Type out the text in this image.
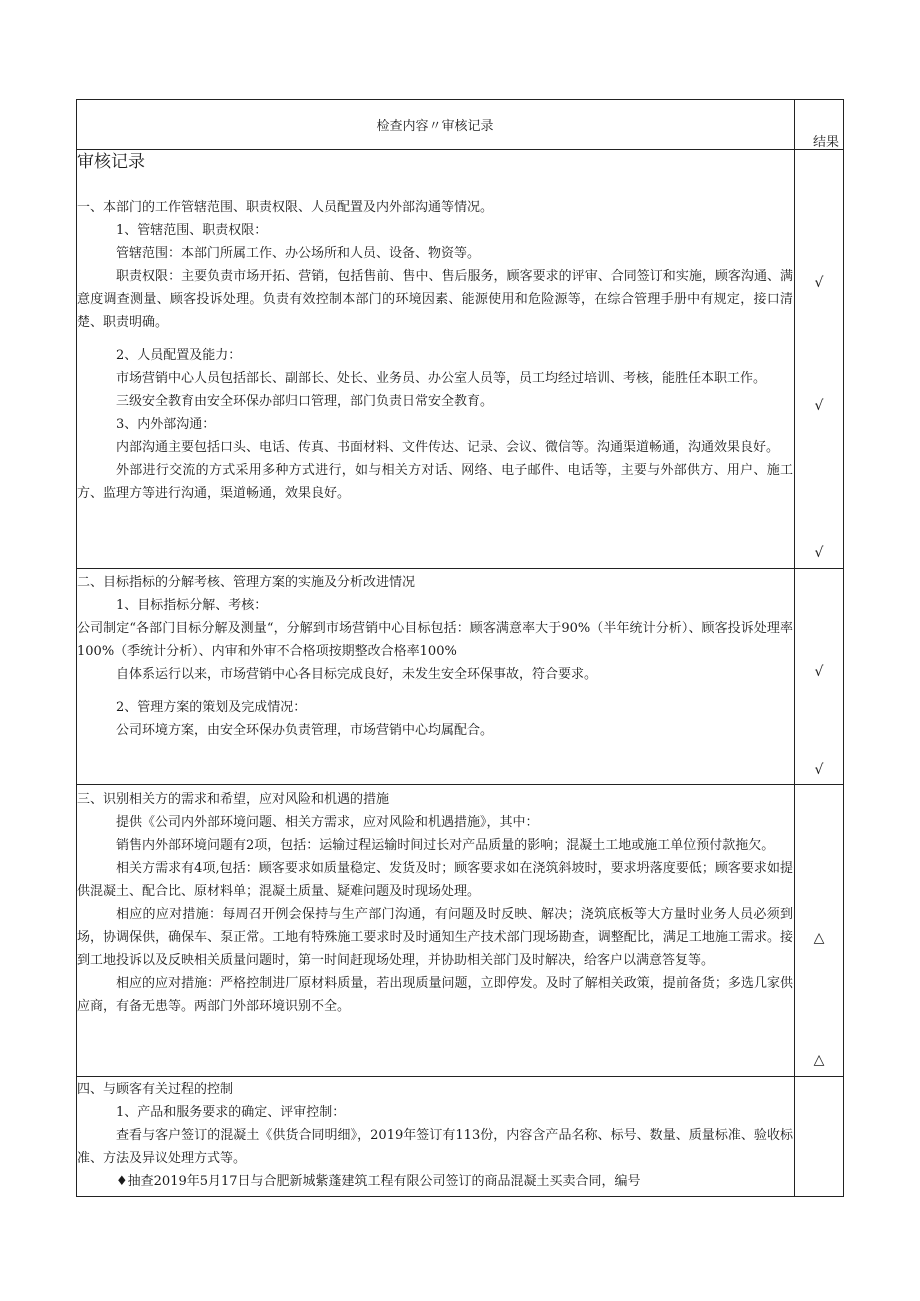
检查内容〃审核记录
结果

审核记录

一、本部门的工作管辖范围、职责权限、人员配置及内外部沟通等情况。

1、管辖范围、职责权限：

管辖范围：本部门所属工作、办公场所和人员、设备、物资等。

职责权限：主要负责市场开拓、营销，包括售前、售中、售后服务，顾客要求的评审、合同签订和实施，顾客沟通、满意度调查测量、顾客投诉处理。负责有效控制本部门的环境因素、能源使用和危险源等，在综合管理手册中有规定，接口清楚、职责明确。

2、人员配置及能力：

市场营销中心人员包括部长、副部长、处长、业务员、办公室人员等，员工均经过培训、考核，能胜任本职工作。

三级安全教育由安全环保办部归口管理，部门负责日常安全教育。

3、内外部沟通：

内部沟通主要包括口头、电话、传真、书面材料、文件传达、记录、会议、微信等。沟通渠道畅通，沟通效果良好。

外部进行交流的方式采用多种方式进行，如与相关方对话、网络、电子邮件、电话等，主要与外部供方、用户、施工方、监理方等进行沟通，渠道畅通，效果良好。

二、目标指标的分解考核、管理方案的实施及分析改进情况

1、目标指标分解、考核：

公司制定“各部门目标分解及测量“，分解到市场营销中心目标包括：顾客满意率大于90%（半年统计分析）、顾客投诉处理率100%（季统计分析）、内审和外审不合格项按期整改合格率100%

自体系运行以来，市场营销中心各目标完成良好，未发生安全环保事故，符合要求。

2、管理方案的策划及完成情况：

公司环境方案，由安全环保办负责管理，市场营销中心均属配合。

三、识别相关方的需求和希望，应对风险和机遇的措施

提供《公司内外部环境问题、相关方需求，应对风险和机遇措施》，其中：

销售内外部环境问题有2项，包括：运输过程运输时间过长对产品质量的影响；混凝土工地或施工单位预付款拖欠。

相关方需求有4项,包括：顾客要求如质量稳定、发货及时；顾客要求如在浇筑斜坡时，要求坍落度要低；顾客要求如提供混凝土、配合比、原材料单；混凝土质量、疑难问题及时现场处理。

相应的应对措施：每周召开例会保持与生产部门沟通，有问题及时反映、解决；浇筑底板等大方量时业务人员必须到场，协调保供，确保车、泵正常。工地有特殊施工要求时及时通知生产技术部门现场勘查，调整配比，满足工地施工需求。接到工地投诉以及反映相关质量问题时，第一时间赶现场处理，并协助相关部门及时解决，给客户以满意答复等。

相应的应对措施：严格控制进厂原材料质量，若出现质量问题，立即停发。及时了解相关政策，提前备货；多选几家供应商，有备无患等。两部门外部环境识别不全。

四、与顾客有关过程的控制

1、产品和服务要求的确定、评审控制：

查看与客户签订的混凝土《供货合同明细》，2019年签订有113份，内容含产品名称、标号、数量、质量标准、验收标准、方法及异议处理方式等。

♦抽查2019年5月17日与合肥新城紫蓬建筑工程有限公司签订的商品混凝土买卖合同，编号

√
√
√
√
√
△
△
